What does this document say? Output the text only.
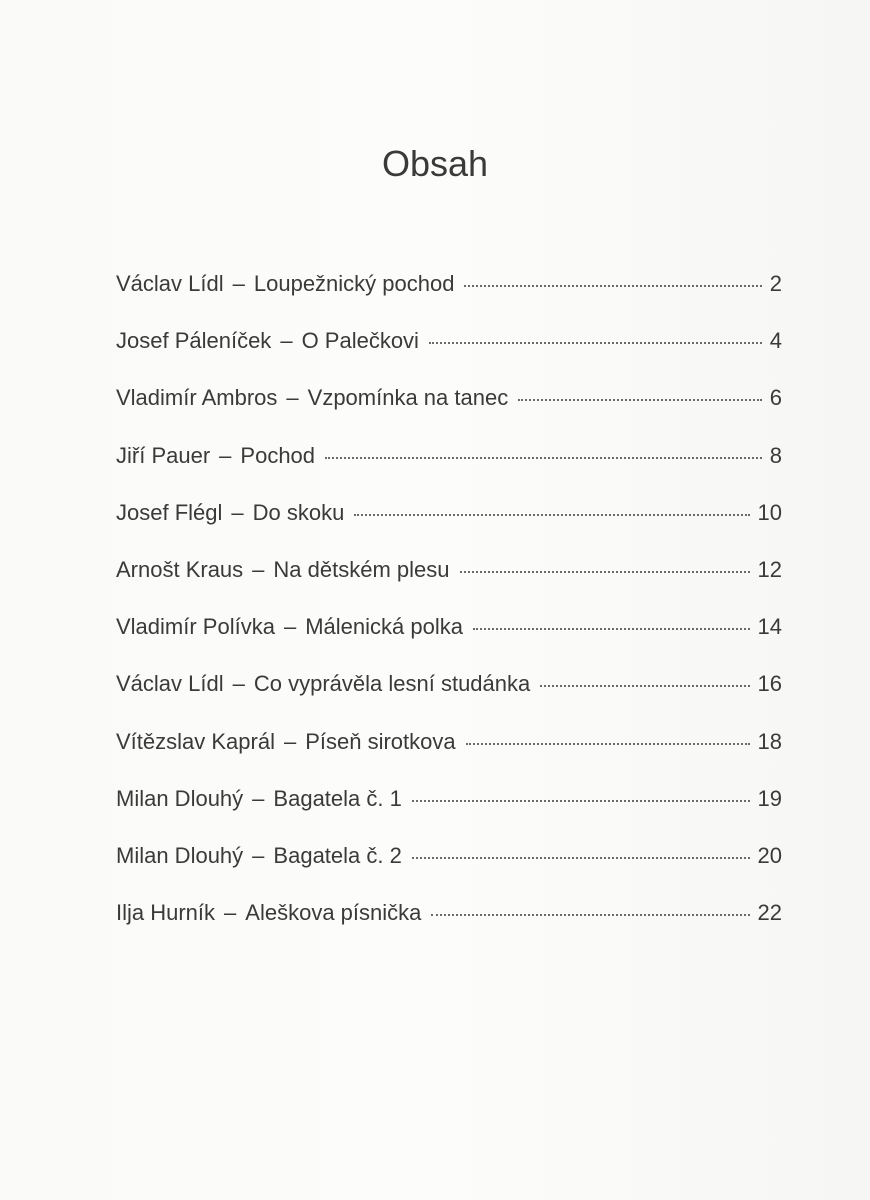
Obsah
Václav Lídl – Loupežnický pochod	2
Josef Páleníček – O Palečkovi	4
Vladimír Ambros – Vzpomínka na tanec	6
Jiří Pauer – Pochod	8
Josef Flégl – Do skoku	10
Arnošt Kraus – Na dětském plesu	12
Vladimír Polívka – Málenická polka	14
Václav Lídl – Co vyprávěla lesní studánka	16
Vítězslav Kaprál – Píseň sirotkova	18
Milan Dlouhý – Bagatela č. 1	19
Milan Dlouhý – Bagatela č. 2	20
Ilja Hurník – Aleškova písnička	22
